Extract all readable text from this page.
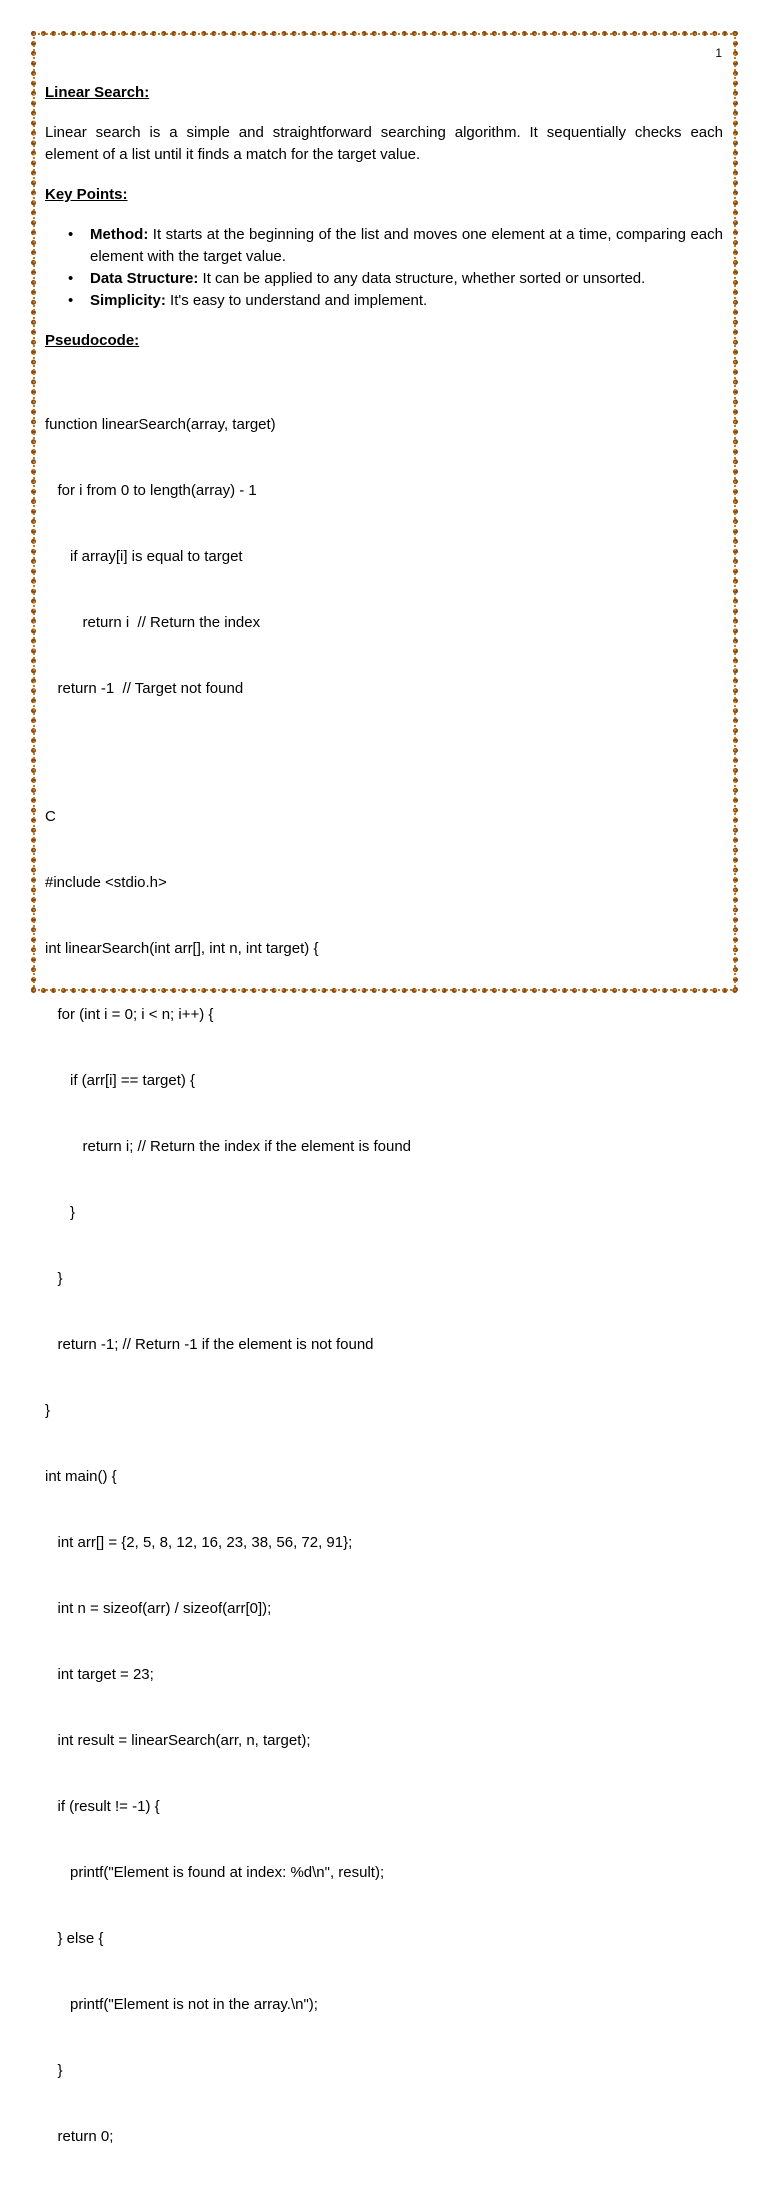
1

Linear Search:

Linear search is a simple and straightforward searching algorithm. It sequentially checks each element of a list until it finds a match for the target value.

Key Points:

• Method: It starts at the beginning of the list and moves one element at a time, comparing each element with the target value.
• Data Structure: It can be applied to any data structure, whether sorted or unsorted.
• Simplicity: It's easy to understand and implement.

Pseudocode:

function linearSearch(array, target)

for i from 0 to length(array) - 1

if array[i] is equal to target

return i  // Return the index

return -1  // Target not found

C

#include <stdio.h>

int linearSearch(int arr[], int n, int target) {

for (int i = 0; i < n; i++) {

if (arr[i] == target) {

return i; // Return the index if the element is found

}

}

return -1; // Return -1 if the element is not found

}

int main() {

int arr[] = {2, 5, 8, 12, 16, 23, 38, 56, 72, 91};

int n = sizeof(arr) / sizeof(arr[0]);

int target = 23;

int result = linearSearch(arr, n, target);

if (result != -1) {

printf("Element is found at index: %d\n", result);

} else {

printf("Element is not in the array.\n");

}

return 0;
